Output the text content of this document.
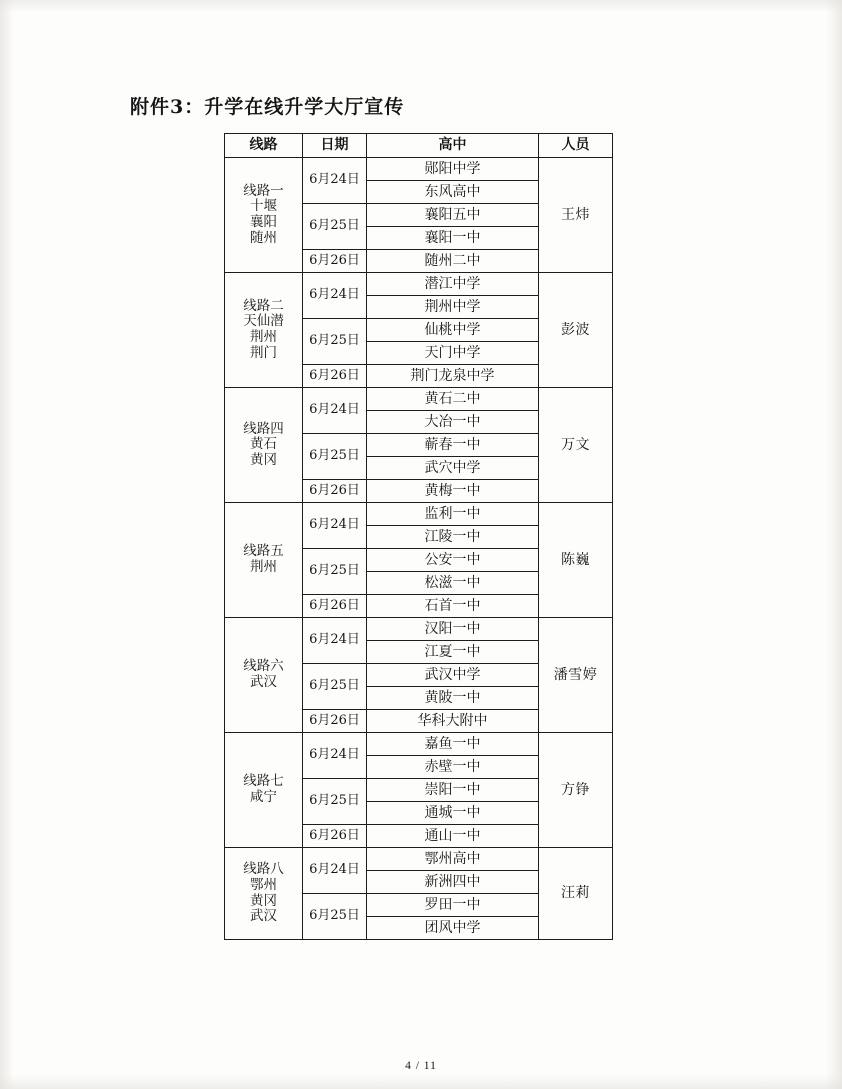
附件3：升学在线升学大厅宣传
线路	日期	高中	人员

线路一
十堰
襄阳
随州	6月24日	郧阳中学	王炜
		东风高中	
	6月25日	襄阳五中	
		襄阳一中	
	6月26日	随州二中	

线路二
天仙潜
荆州
荆门	6月24日	潜江中学	彭波
		荆州中学	
	6月25日	仙桃中学	
		天门中学	
	6月26日	荆门龙泉中学	

线路四
黄石
黄冈	6月24日	黄石二中	万文
		大冶一中	
	6月25日	蕲春一中	
		武穴中学	
	6月26日	黄梅一中	

线路五
荆州	6月24日	监利一中	陈巍
		江陵一中	
	6月25日	公安一中	
		松滋一中	
	6月26日	石首一中	

线路六
武汉	6月24日	汉阳一中	潘雪婷
		江夏一中	
	6月25日	武汉中学	
		黄陂一中	
	6月26日	华科大附中	

线路七
咸宁	6月24日	嘉鱼一中	方铮
		赤壁一中	
	6月25日	崇阳一中	
		通城一中	
	6月26日	通山一中	

线路八
鄂州
黄冈
武汉	6月24日	鄂州高中	汪莉
		新洲四中	
	6月25日	罗田一中	
		团风中学	
4 / 11
